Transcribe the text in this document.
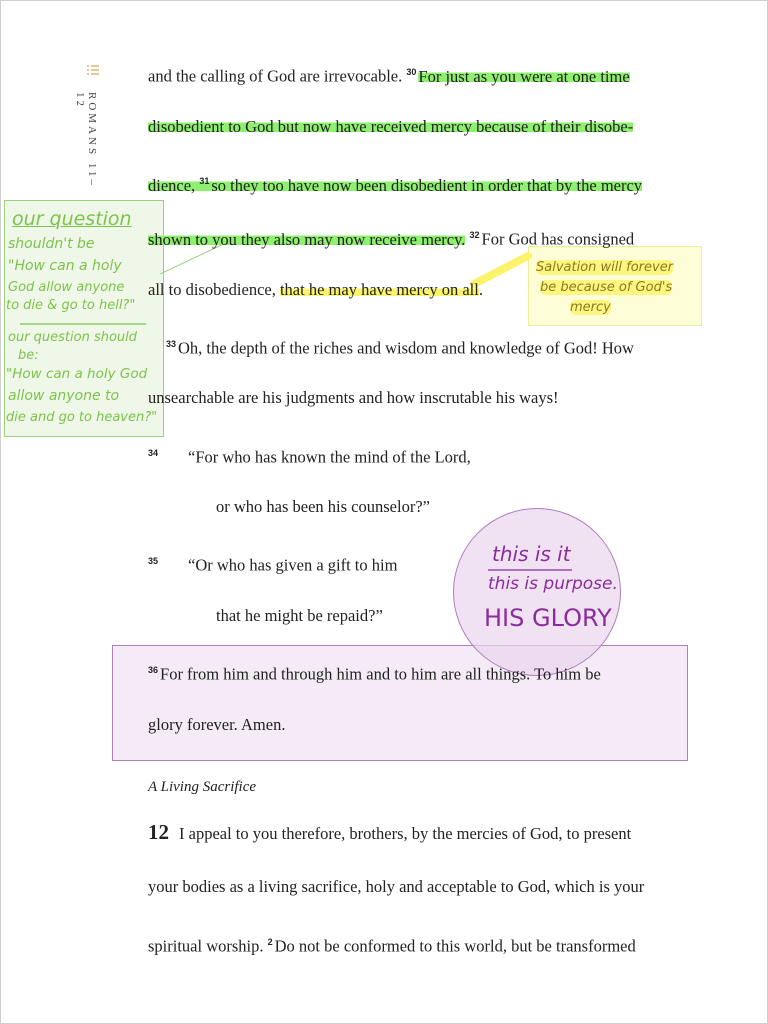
ROMANS 11–12
our question
shouldn't be
"How can a holy
God allow anyone
to die & go to hell?"
our question should
be:
"How can a holy God
allow anyone to
die and go to heaven?"
Salvation will forever
be because of God's
mercy
and the calling of God are irrevocable. $^{30}$ For just as you were at one time
disobedient to God but now have received mercy because of their disobe-
dience, $^{31}$ so they too have now been disobedient in order that by the mercy
shown to you they also may now receive mercy. $^{32}$ For God has consigned
all to disobedience, that he may have mercy on all.
$^{33}$ Oh, the depth of the riches and wisdom and knowledge of God! How
unsearchable are his judgments and how inscrutable his ways!
$^{34}$ “For who has known the mind of the Lord,
or who has been his counselor?”
$^{35}$ “Or who has given a gift to him
that he might be repaid?”
this is it
this is purpose.
HIS GLORY
$^{36}$ For from him and through him and to him are all things. To him be
glory forever. Amen.
A Living Sacrifice
12 I appeal to you therefore, brothers, by the mercies of God, to present
your bodies as a living sacrifice, holy and acceptable to God, which is your
spiritual worship. $^2$ Do not be conformed to this world, but be transformed
